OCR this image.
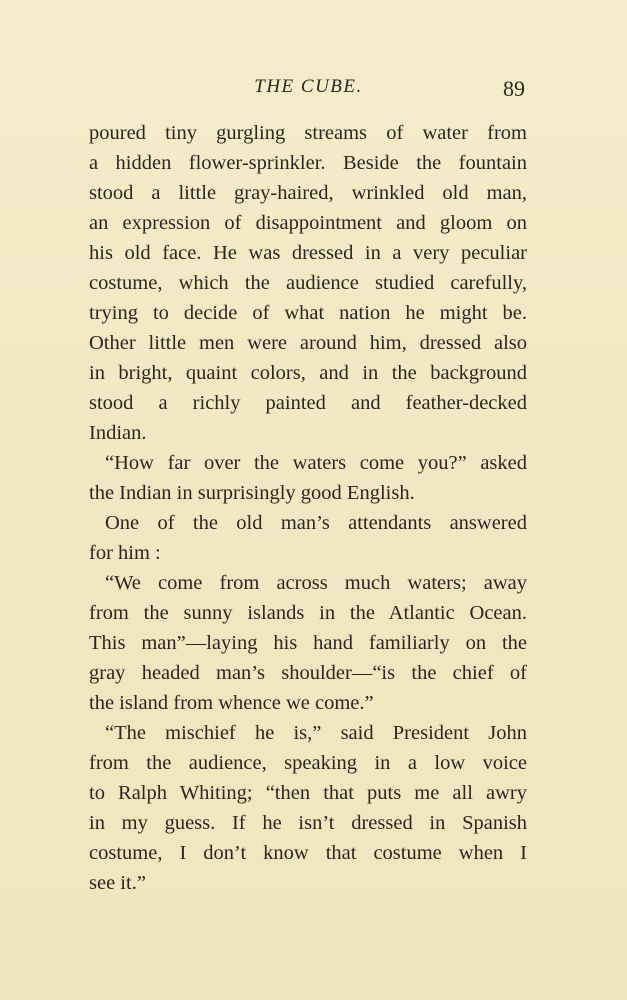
THE CUBE.	89
poured tiny gurgling streams of water from
a hidden flower-sprinkler. Beside the fountain
stood a little gray-haired, wrinkled old man,
an expression of disappointment and gloom on
his old face. He was dressed in a very peculiar
costume, which the audience studied carefully,
trying to decide of what nation he might be.
Other little men were around him, dressed also
in bright, quaint colors, and in the background
stood a richly painted and feather-decked
Indian.
“How far over the waters come you?” asked
the Indian in surprisingly good English.
One of the old man’s attendants answered
for him :
“We come from across much waters; away
from the sunny islands in the Atlantic Ocean.
This man”—laying his hand familiarly on the
gray headed man’s shoulder—“is the chief of
the island from whence we come.”
“The mischief he is,” said President John
from the audience, speaking in a low voice
to Ralph Whiting; “then that puts me all awry
in my guess. If he isn’t dressed in Spanish
costume, I don’t know that costume when I
see it.”
